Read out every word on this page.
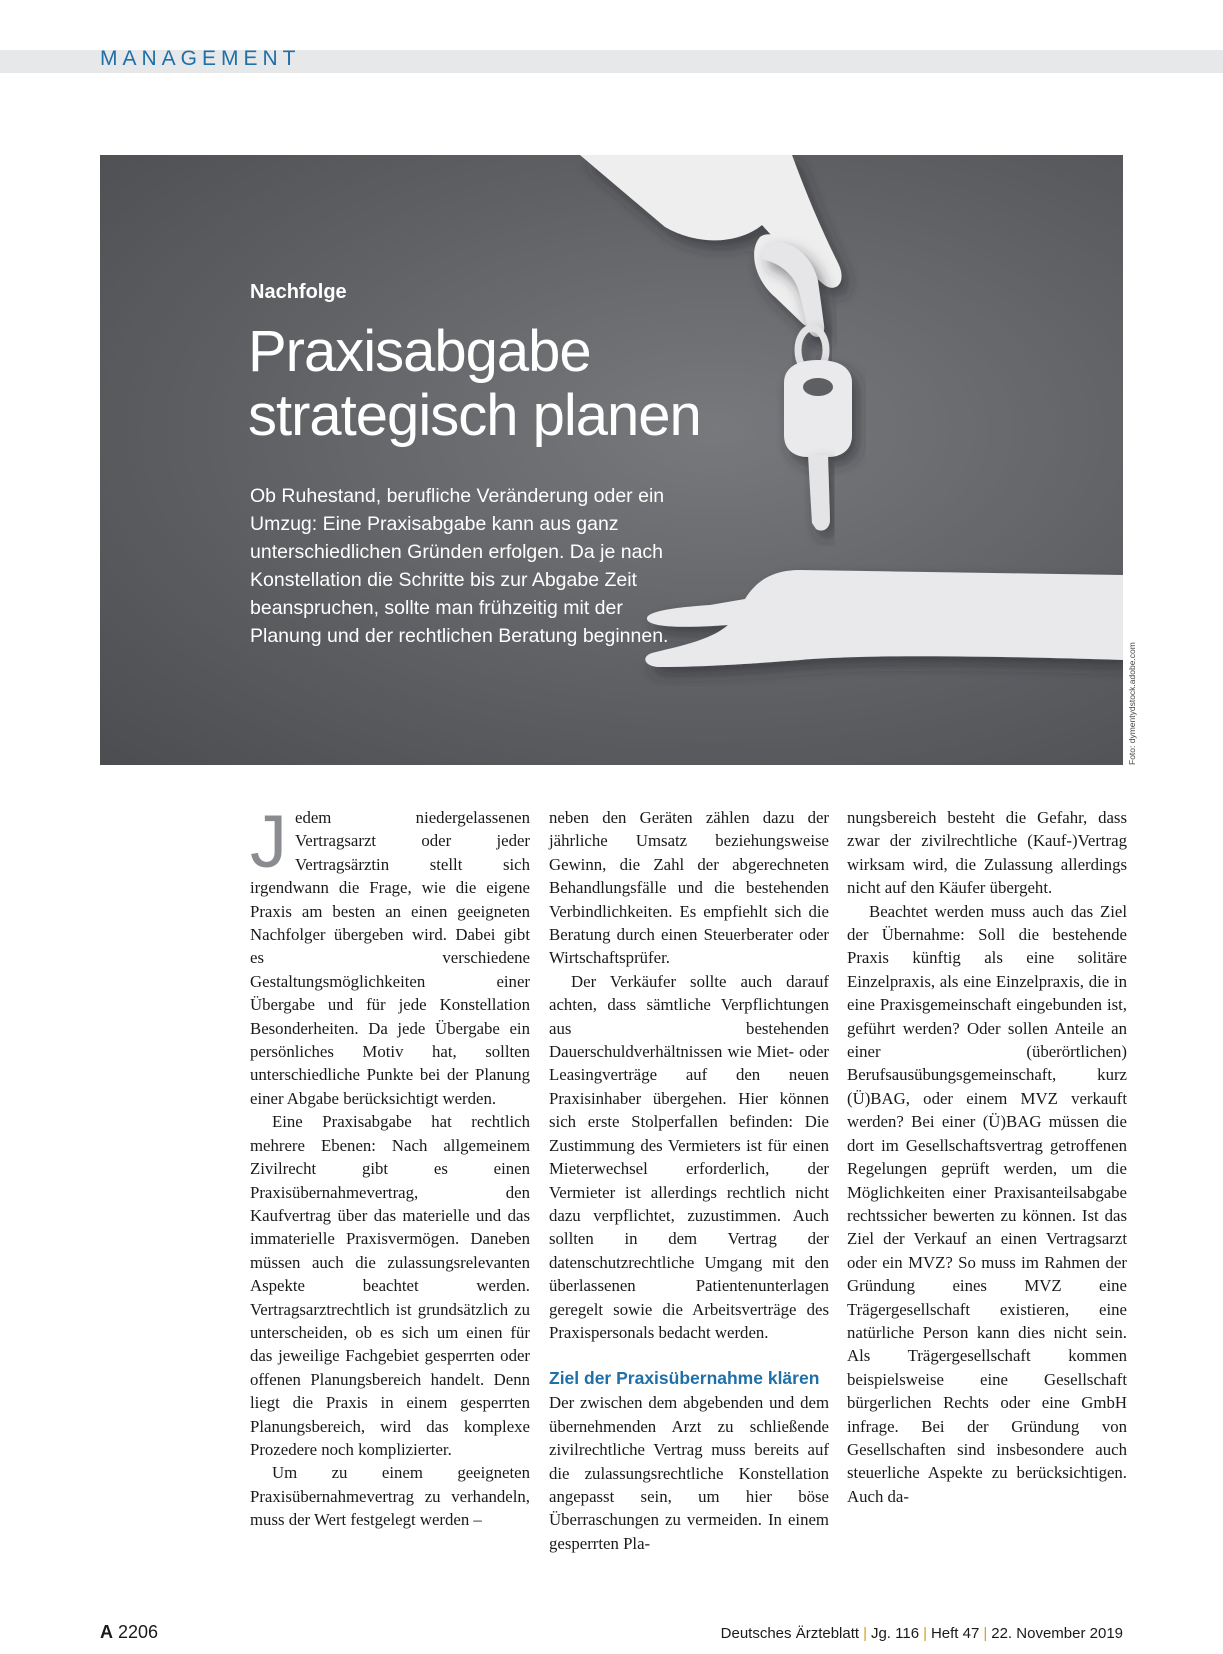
MANAGEMENT
Nachfolge
Praxisabgabe strategisch planen

Ob Ruhestand, berufliche Veränderung oder ein Umzug: Eine Praxisabgabe kann aus ganz unterschiedlichen Gründen erfolgen. Da je nach Konstellation die Schritte bis zur Abgabe Zeit beanspruchen, sollte man frühzeitig mit der Planung und der rechtlichen Beratung beginnen.

Foto: dymentydstock.adobe.com

Jedem niedergelassenen Vertragsarzt oder jeder Vertragsärztin stellt sich irgendwann die Frage, wie die eigene Praxis am besten an einen geeigneten Nachfolger übergeben wird. Dabei gibt es verschiedene Gestaltungsmöglichkeiten einer Übergabe und für jede Konstellation Besonderheiten. Da jede Übergabe ein persönliches Motiv hat, sollten unterschiedliche Punkte bei der Planung einer Abgabe berücksichtigt werden.

Eine Praxisabgabe hat rechtlich mehrere Ebenen: Nach allgemeinem Zivilrecht gibt es einen Praxisübernahmevertrag, den Kaufvertrag über das materielle und das immaterielle Praxisvermögen. Daneben müssen auch die zulassungsrelevanten Aspekte beachtet werden. Vertragsarztrechtlich ist grundsätzlich zu unterscheiden, ob es sich um einen für das jeweilige Fachgebiet gesperrten oder offenen Planungsbereich handelt. Denn liegt die Praxis in einem gesperrten Planungsbereich, wird das komplexe Prozedere noch komplizierter.

Um zu einem geeigneten Praxisübernahmevertrag zu verhandeln, muss der Wert festgelegt werden –

neben den Geräten zählen dazu der jährliche Umsatz beziehungsweise Gewinn, die Zahl der abgerechneten Behandlungsfälle und die bestehenden Verbindlichkeiten. Es empfiehlt sich die Beratung durch einen Steuerberater oder Wirtschaftsprüfer.

Der Verkäufer sollte auch darauf achten, dass sämtliche Verpflichtungen aus bestehenden Dauerschuldverhältnissen wie Miet- oder Leasingverträge auf den neuen Praxisinhaber übergehen. Hier können sich erste Stolperfallen befinden: Die Zustimmung des Vermieters ist für einen Mieterwechsel erforderlich, der Vermieter ist allerdings rechtlich nicht dazu verpflichtet, zuzustimmen. Auch sollten in dem Vertrag der datenschutzrechtliche Umgang mit den überlassenen Patientenunterlagen geregelt sowie die Arbeitsverträge des Praxispersonals bedacht werden.

Ziel der Praxisübernahme klären

Der zwischen dem abgebenden und dem übernehmenden Arzt zu schließende zivilrechtliche Vertrag muss bereits auf die zulassungsrechtliche Konstellation angepasst sein, um hier böse Überraschungen zu vermeiden. In einem gesperrten Pla-

nungsbereich besteht die Gefahr, dass zwar der zivilrechtliche (Kauf-)Vertrag wirksam wird, die Zulassung allerdings nicht auf den Käufer übergeht.

Beachtet werden muss auch das Ziel der Übernahme: Soll die bestehende Praxis künftig als eine solitäre Einzelpraxis, als eine Einzelpraxis, die in eine Praxisgemeinschaft eingebunden ist, geführt werden? Oder sollen Anteile an einer (überörtlichen) Berufsausübungsgemeinschaft, kurz (Ü)BAG, oder einem MVZ verkauft werden? Bei einer (Ü)BAG müssen die dort im Gesellschaftsvertrag getroffenen Regelungen geprüft werden, um die Möglichkeiten einer Praxisanteilsabgabe rechtssicher bewerten zu können. Ist das Ziel der Verkauf an einen Vertragsarzt oder ein MVZ? So muss im Rahmen der Gründung eines MVZ eine Trägergesellschaft existieren, eine natürliche Person kann dies nicht sein. Als Trägergesellschaft kommen beispielsweise eine Gesellschaft bürgerlichen Rechts oder eine GmbH infrage. Bei der Gründung von Gesellschaften sind insbesondere auch steuerliche Aspekte zu berücksichtigen. Auch da-

A 2206	Deutsches Ärzteblatt | Jg. 116 | Heft 47 | 22. November 2019
